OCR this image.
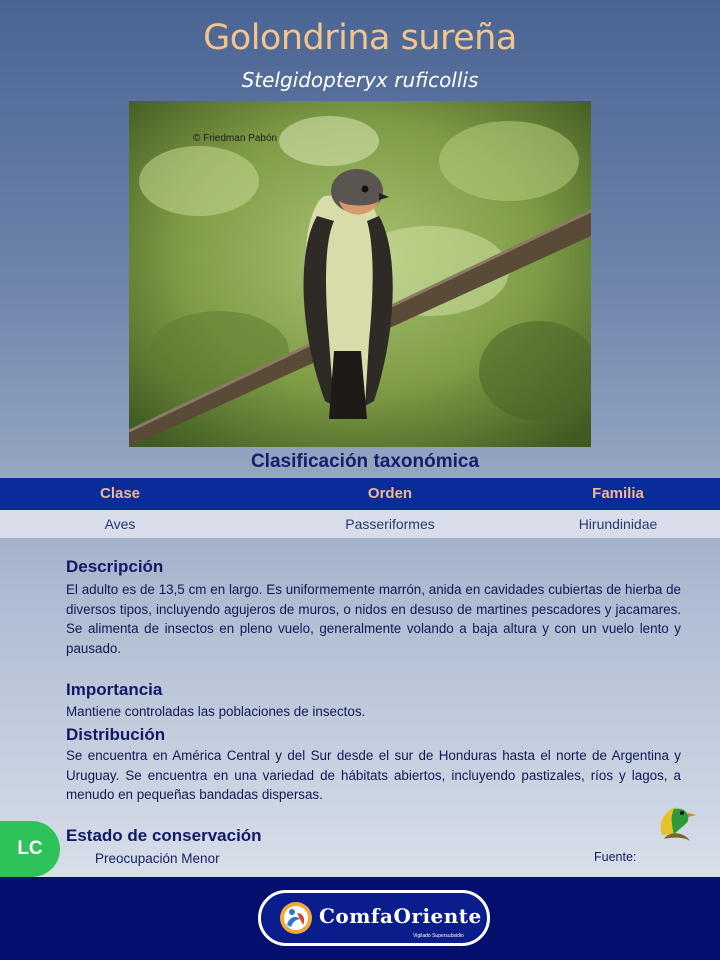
Golondrina sureña
Stelgidopteryx ruficollis
© Friedman Pabón
Clasificación taxonómica
Clase	Orden	Familia
Aves	Passeriformes	Hirundinidae
Descripción

El adulto es de 13,5 cm en largo. Es uniformemente marrón, anida en cavidades cubiertas de hierba de diversos tipos, incluyendo agujeros de muros, o nidos en desuso de martines pescadores y jacamares. Se alimenta de insectos en pleno vuelo, generalmente volando a baja altura y con un vuelo lento y pausado.

Importancia

Mantiene controladas las poblaciones de insectos.

Distribución

Se encuentra en América Central y del Sur desde el sur de Honduras hasta el norte de Argentina y Uruguay. Se encuentra en una variedad de hábitats abiertos, incluyendo pastizales, ríos y lagos, a menudo en pequeñas bandadas dispersas.

LC
Estado de conservación
Preocupación Menor	Fuente:
ComfaOriente
Vigilado Supersubsidio
